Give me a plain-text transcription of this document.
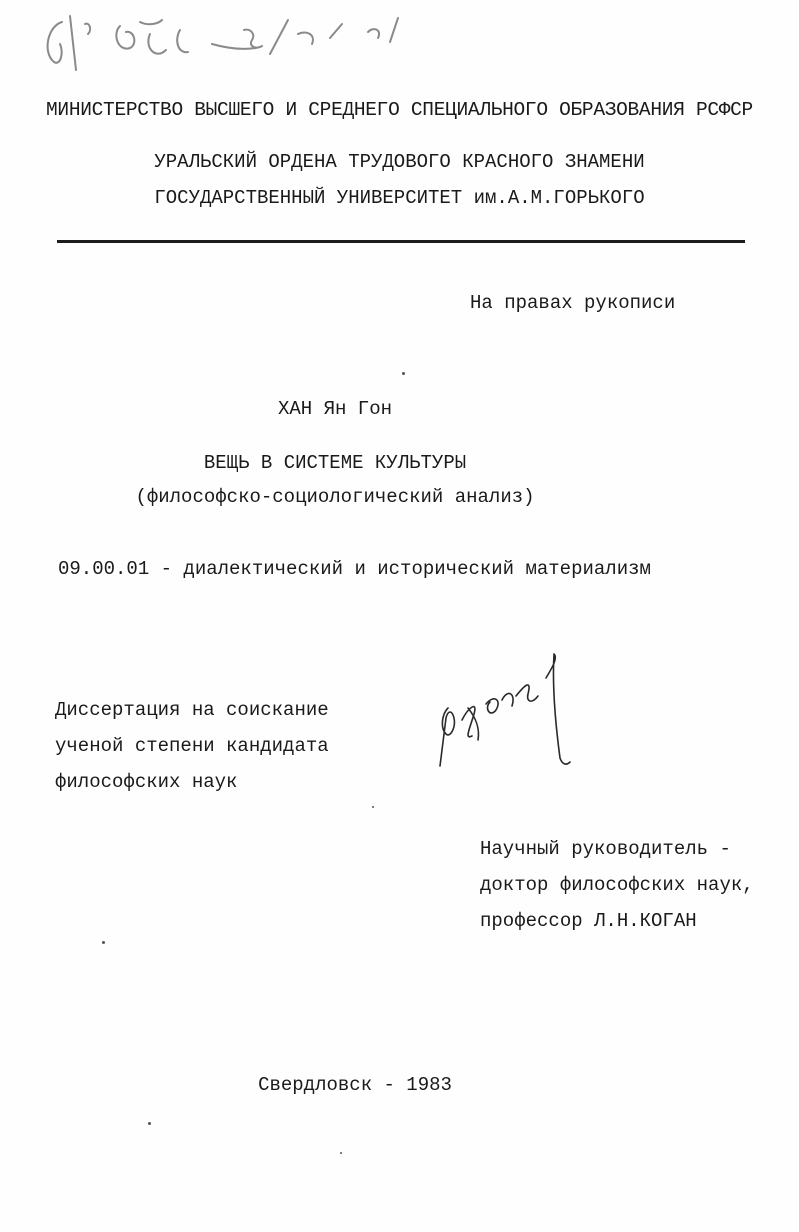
МИНИСТЕРСТВО ВЫСШЕГО И СРЕДНЕГО СПЕЦИАЛЬНОГО ОБРАЗОВАНИЯ РСФСР
УРАЛЬСКИЙ ОРДЕНА ТРУДОВОГО КРАСНОГО ЗНАМЕНИ
ГОСУДАРСТВЕННЫЙ УНИВЕРСИТЕТ им.А.М.ГОРЬКОГО
На правах рукописи
ХАН Ян Гон
ВЕЩЬ В СИСТЕМЕ КУЛЬТУРЫ
(философско-социологический анализ)
09.00.01 - диалектический и исторический материализм
Диссертация на соискание
ученой степени кандидата
философских наук
Научный руководитель -
доктор философских наук,
профессор Л.Н.КОГАН
Свердловск - 1983
